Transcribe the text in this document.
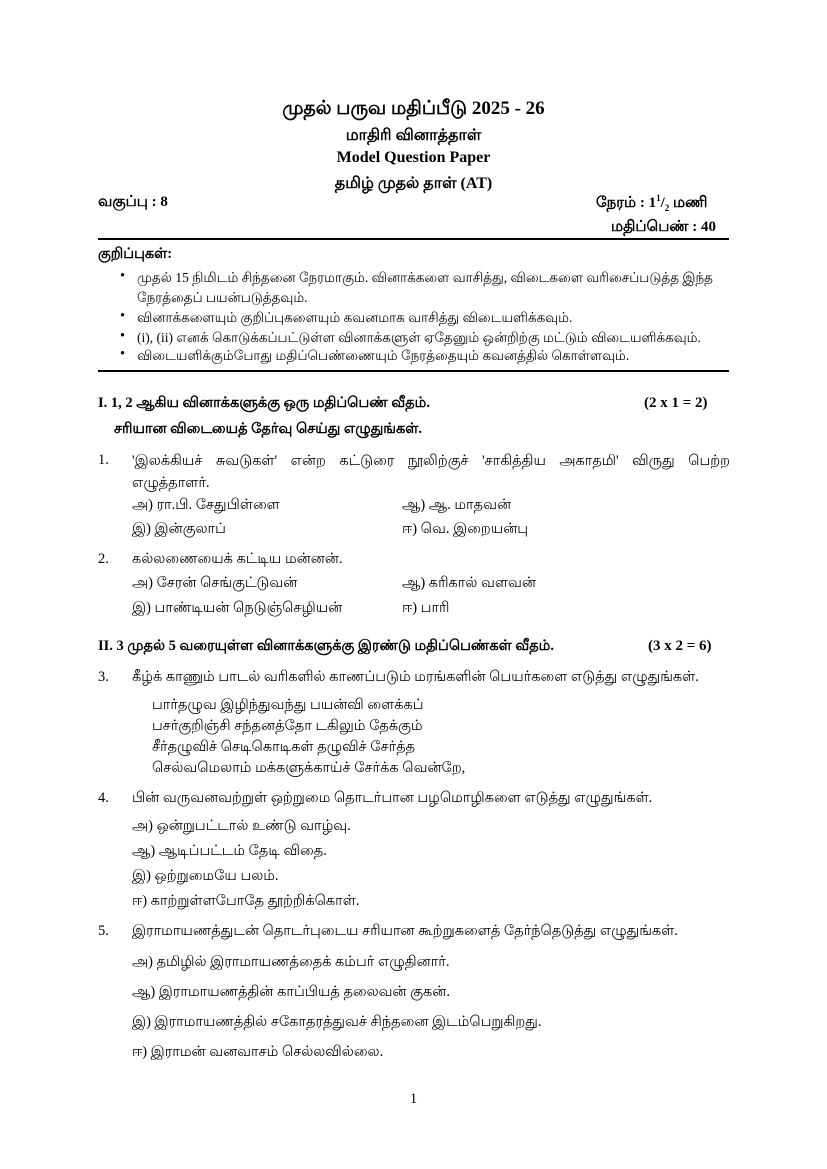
முதல் பருவ மதிப்பீடு 2025 - 26
மாதிரி வினாத்தாள்
Model Question Paper
தமிழ் முதல் தாள் (AT)
வகுப்பு : 8	நேரம் : $1^1/_2$ மணி
மதிப்பெண் : 40
குறிப்புகள்:
• முதல் 15 நிமிடம் சிந்தனை நேரமாகும். வினாக்களை வாசித்து, விடைகளை வரிசைப்படுத்த இந்த நேரத்தைப் பயன்படுத்தவும்.
• வினாக்களையும் குறிப்புகளையும் கவனமாக வாசித்து விடையளிக்கவும்.
• (i), (ii) எனக் கொடுக்கப்பட்டுள்ள வினாக்களுள் ஏதேனும் ஒன்றிற்கு மட்டும் விடையளிக்கவும்.
• விடையளிக்கும்போது மதிப்பெண்ணையும் நேரத்தையும் கவனத்தில் கொள்ளவும்.
I. 1, 2 ஆகிய வினாக்களுக்கு ஒரு மதிப்பெண் வீதம்.	(2 x 1 = 2)
சரியான விடையைத் தேர்வு செய்து எழுதுங்கள்.
1. 'இலக்கியச் சுவடுகள்' என்ற கட்டுரை நூலிற்குச் 'சாகித்திய அகாதமி' விருது பெற்ற
எழுத்தாளர்.
அ) ரா.பி. சேதுபிள்ளை	ஆ) ஆ. மாதவன்
இ) இன்குலாப்	ஈ) வெ. இறையன்பு
2. கல்லணையைக் கட்டிய மன்னன்.
அ) சேரன் செங்குட்டுவன்	ஆ) கரிகால் வளவன்
இ) பாண்டியன் நெடுஞ்செழியன்	ஈ) பாரி
II. 3 முதல் 5 வரையுள்ள வினாக்களுக்கு இரண்டு மதிப்பெண்கள் வீதம்.	(3 x 2 = 6)
3. கீழ்க் காணும் பாடல் வரிகளில் காணப்படும் மரங்களின் பெயர்களை எடுத்து எழுதுங்கள்.
பார்தழுவ இழிந்துவந்து பயன்வி ளைக்கப்
பசர்குறிஞ்சி சந்தனத்தோ டகிலும் தேக்கும்
சீர்தழுவிச் செடிகொடிகள் தழுவிச் சேர்த்த
செல்வமெலாம் மக்களுக்காய்ச் சேர்க்க வென்றே,
4. பின் வருவனவற்றுள் ஒற்றுமை தொடர்பான பழமொழிகளை எடுத்து எழுதுங்கள்.
அ) ஒன்றுபட்டால் உண்டு வாழ்வு.
ஆ) ஆடிப்பட்டம் தேடி விதை.
இ) ஒற்றுமையே பலம்.
ஈ) காற்றுள்ளபோதே தூற்றிக்கொள்.
5. இராமாயணத்துடன் தொடர்புடைய சரியான கூற்றுகளைத் தேர்ந்தெடுத்து எழுதுங்கள்.
அ) தமிழில் இராமாயணத்தைக் கம்பர் எழுதினார்.
ஆ) இராமாயணத்தின் காப்பியத் தலைவன் குகன்.
இ) இராமாயணத்தில் சகோதரத்துவச் சிந்தனை இடம்பெறுகிறது.
ஈ) இராமன் வனவாசம் செல்லவில்லை.
1
